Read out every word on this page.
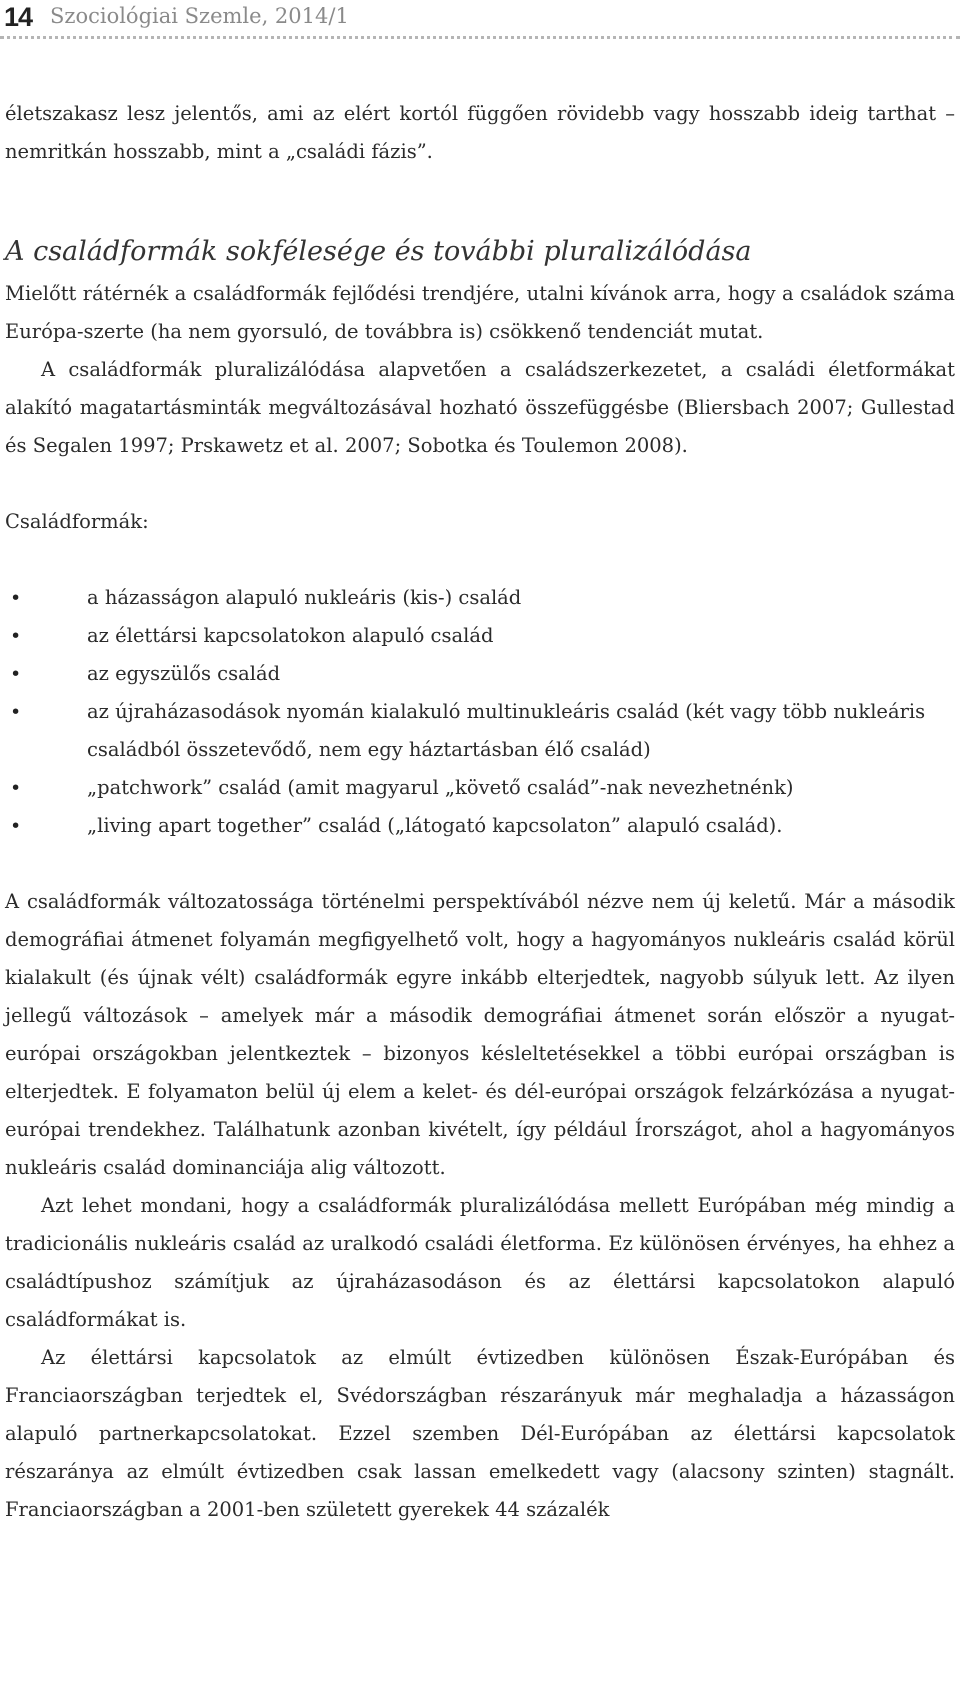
14 Szociológiai Szemle, 2014/1

életszakasz lesz jelentős, ami az elért kortól függően rövidebb vagy hosszabb ideig tarthat – nemritkán hosszabb, mint a „családi fázis”.

A családformák sokfélesége és további pluralizálódása

Mielőtt rátérnék a családformák fejlődési trendjére, utalni kívánok arra, hogy a családok száma Európa-szerte (ha nem gyorsuló, de továbbra is) csökkenő tendenciát mutat.

A családformák pluralizálódása alapvetően a családszerkezetet, a családi életformákat alakító magatartásminták megváltozásával hozható összefüggésbe (Bliersbach 2007; Gullestad és Segalen 1997; Prskawetz et al. 2007; Sobotka és Toulemon 2008).

Családformák:

•	a házasságon alapuló nukleáris (kis-) család
•	az élettársi kapcsolatokon alapuló család
•	az egyszülős család
•	az újraházasodások nyomán kialakuló multinukleáris család (két vagy több nukleáris családból összetevődő, nem egy háztartásban élő család)
•	„patchwork” család (amit magyarul „követő család”-nak nevezhetnénk)
•	„living apart together” család („látogató kapcsolaton” alapuló család).

A családformák változatossága történelmi perspektívából nézve nem új keletű. Már a második demográfiai átmenet folyamán megfigyelhető volt, hogy a hagyományos nukleáris család körül kialakult (és újnak vélt) családformák egyre inkább elterjedtek, nagyobb súlyuk lett. Az ilyen jellegű változások – amelyek már a második demográfiai átmenet során először a nyugat-európai országokban jelentkeztek – bizonyos késleltetésekkel a többi európai országban is elterjedtek. E folyamaton belül új elem a kelet- és dél-európai országok felzárkózása a nyugat-európai trendekhez. Találhatunk azonban kivételt, így például Írországot, ahol a hagyományos nukleáris család dominanciája alig változott.

Azt lehet mondani, hogy a családformák pluralizálódása mellett Európában még mindig a tradicionális nukleáris család az uralkodó családi életforma. Ez különösen érvényes, ha ehhez a családtípushoz számítjuk az újraházasodáson és az élettársi kapcsolatokon alapuló családformákat is.

Az élettársi kapcsolatok az elmúlt évtizedben különösen Észak-Európában és Franciaországban terjedtek el, Svédországban részarányuk már meghaladja a házasságon alapuló partnerkapcsolatokat. Ezzel szemben Dél-Európában az élettársi kapcsolatok részaránya az elmúlt évtizedben csak lassan emelkedett vagy (alacsony szinten) stagnált. Franciaországban a 2001-ben született gyerekek 44 százalék
